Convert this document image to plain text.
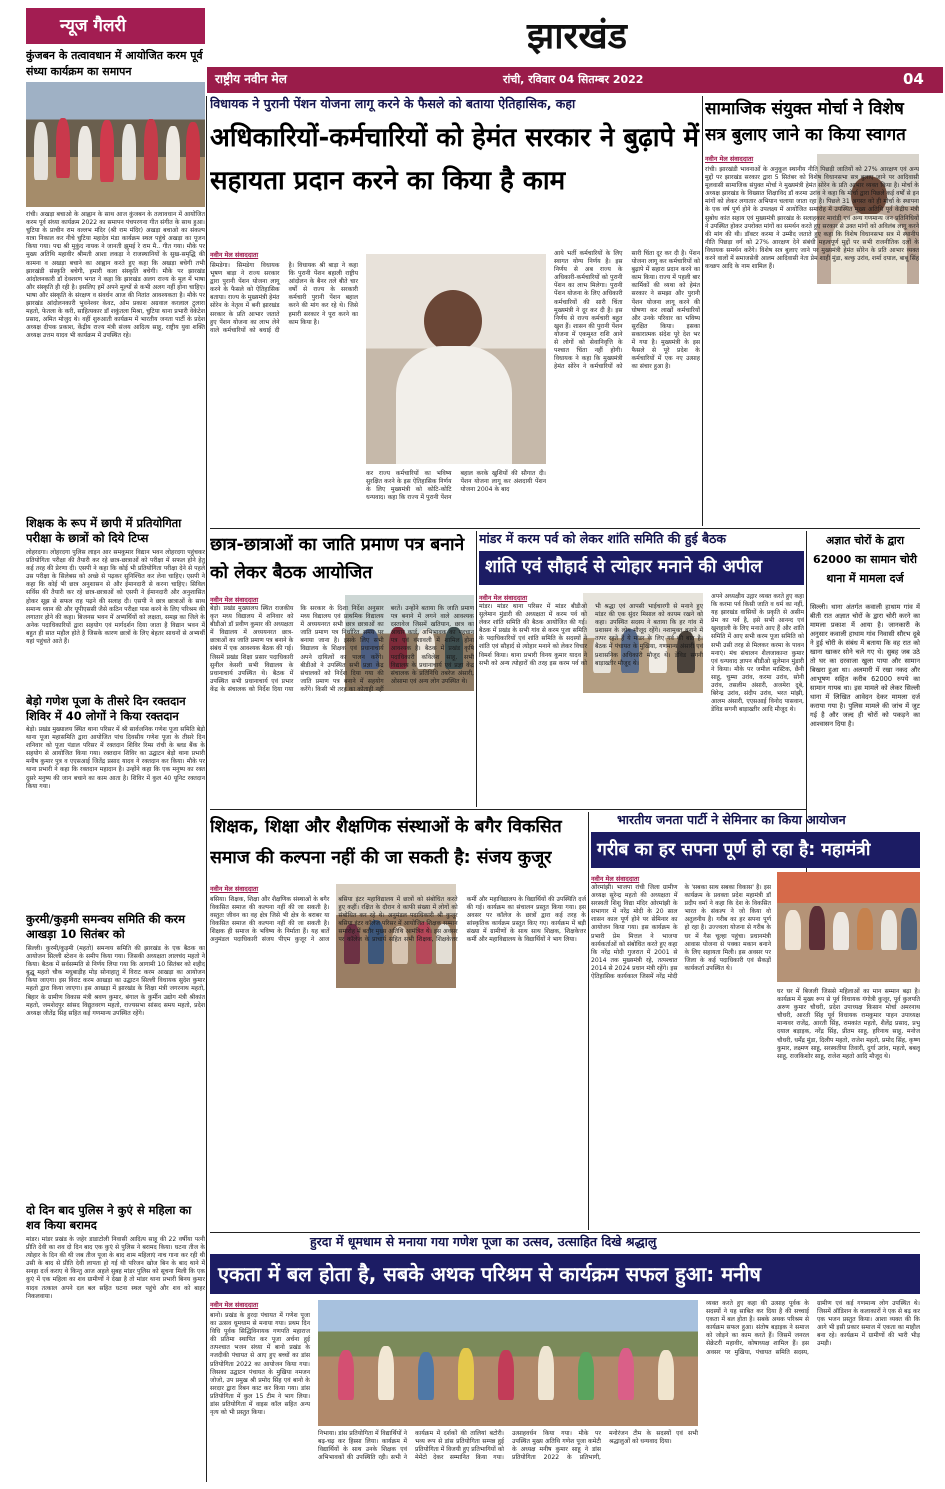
झारखंड
राष्ट्रीय नवीन मेल	रांची, रविवार 04 सितम्बर 2022	04
न्यूज गैलरी
कुंजबन के तत्वावधान में आयोजित करम पूर्व संध्या कार्यक्रम का समापन
रांची। अखड़ा बचाओ के आह्वान के साथ आज कुंजबन के तत्वावधान में आयोजित करम पूर्व संध्या कार्यक्रम 2022 का समापन पंचपरगना गीत संगीत के साथ हुआ। चुटिया के प्राचीन राम वल्लभ मंदिर (श्री राम मंदिर) अखड़ा बचाओ का संकल्प यात्रा निकाल कर नीचे चुटिया महादेव मंडा कार्यक्रम स्थल पहुंचे अखड़ा का पूजन किया गया। पद्म श्री मुकुंद नायक ने जानती झुमई रे राम मै.. गीत गया। मौके पर मुख्य अतिथि महावीर श्रीमती आशा लकड़ा ने राजस्थानियों के सुख-समृद्धि की कामना व अखड़ा बचाने का आह्वान करते हुए कहा कि अखड़ा बचेगी तभी झारखंडी संस्कृति बचेगी, हमारी कला संस्कृति बचेगी। मौके पर झारखंड आंदोलनकारी डॉ देवशरण भगत ने कहा कि झारखंड अलग राज्य के मूल में भाषा और संस्कृति ही रही है। इसलिए हमें अपने मूल्यों से कभी अलग नहीं होना चाहिए। भाषा और संस्कृति के संरक्षण व संवर्धन आज की नितांत आवश्यकता है। मौके पर झारखंड आंदोलनकारी भुवनेश्वर केवट, ओम प्रकाश अग्रवाल करलाल टुलारा महतो, फेतला के करी, साहित्यकार डॉ शकुंतला मिश्रा, चुटिया थाना प्रभारी वेकेटेश प्रसाद, अमित मोजुद थे। वहीं शुरुआती कार्यक्रम में भारतीय जनता पार्टी के प्रदेश अध्यक्ष दीपक प्रकाश, केंद्रीय राज्य मंत्री संजय आदित्य साहू, राष्ट्रीय युवा शक्ति अध्यक्ष उत्तम यादव भी कार्यक्रम में उपस्थित रहे।
शिक्षक के रूप में छापी में प्रतियोगिता परीक्षा के छात्रों को दिये टिप्स
लोहरदगा। लोहरदगा पुलिस लाइन आर समकुमार विद्यान भवन लोहरदगा पहुंचकर प्रतियोगिता परीक्षा की तैयारी कर रहे छात्र-छात्राओं को परीक्षा में सफल होने हेतु कई तरह की प्रेरणा दी। एसपी ने कहा कि कोई भी प्रतियोगिता परीक्षा देने से पहले उस परीक्षा के सिलेबस को अच्छे से पढ़कर सुनिश्चित कर लेना चाहिए। एसपी ने कहा कि कोई भी छात्र अनुशासन से और ईमानदारी से करना चाहिए। सिविल सर्विस की तैयारी कर रहे छात्र-छात्राओं को एसपी ने ईमानदारी और अनुशासित होकर सूझ से सफल राह पढ़ने की सलाह दी। एसपी ने छात्र छात्राओं के साथ समान्य ध्यान की और यूपीएससी जैसे कठिन परीक्षा पास करने के लिए परिश्रम की लगातार होने की कहा। बिजनस भवन में अभ्यर्थियों को लक्षता, समझ का जिले के अनेक पदाधिकारियों द्वारा सहयोग एवं मार्गदर्शन दिया जाता है विद्यान भवन में बहुत ही सात महौल होते है जिसके कारण छात्रों के लिए बेहतर साधनों से अभ्यर्थी यहां पहुंचते आते हैं।
बेड़ो गणेश पूजा के तीसरे दिन रक्तदान शिविर में 40 लोगों ने किया रक्तदान
बेड़ो। प्रखंड मुख्यालय स्थित थाना परिसर में श्री सार्वजनिक गणेश पूजा समिति बेड़ो थाना पूजा महासमिति द्वारा आयोजित पांच दिवसीय गणेश पूजा के तीसरे दिन शनिवार को पूजा पंडाल परिसर में रक्तदान शिविर रिम्स रांची के ब्लड बैंक के सहयोग से आयोजित किया गया। रक्तदान शिविर का उद्घाटन बेड़ो थाना प्रभारी मनीष कुमार पुत्र व एएसआई जितेंद्र प्रसाद यादव ने रक्तदान कर किया। मौके पर थाना प्रभारी ने कहा कि रक्तदान महादान है। उन्होंने कहा कि एक मनुष्य का रक्त दूसरे मनुष्य की जान बचाने का काम आता है। शिविर में कुल 40 यूनिट रक्तदान किया गया।
कुरमी/कुड़मी समन्वय समिति की करम आखड़ा 10 सितंबर को
सिल्ली। कुरमी/कुड़मी (महतो) समन्वय समिति की झारखंड के एक बैठक का आयोजन सिल्ली स्टेशन के समीप किया गया। जिसकी अध्यक्षता लालचंद महतो ने किया। बैठक में सर्वसम्मति से निर्णय लिया गया कि आगामी 10 सितंबर को शहीद बुद्धू महतो चौक मधुबाड़ीह मोड़ सोनाहातु में विराट करम आखड़ा का आयोजन किया जाएगा। इस विराट करम आखड़ा का उद्घाटन सिल्ली विधायक सुदेश कुमार महतो द्वारा किया जाएगा। इस आखड़ा में झारखंड के शिक्षा मंत्री जगरनाथ महतो, बिहार के ग्रामीण विकास मंत्री श्रवण कुमार, बंगाल के कुर्मीन उद्योग मंत्री श्रीकांत महतो, जमशेदपुर सांसद विद्युतवरण महतो, राज्यसभा सांसद समय महतो, प्रदेश अध्यक्ष जीतेंद्र सिंह सहित कई गणमान्य उपस्थित रहेंगे।
दो दिन बाद पुलिस ने कुएं से महिला का शव किया बरामद
मांडर। मांडर प्रखंड के जहेर डाडाटोली निवासी आदित्य साहू की 22 वर्षीया पत्नी प्रीति देवी का शव दो दिन बाद एक कुएं से पुलिस ने बरामद किया। घटना तीज के त्योहार के दिन की थी जब तीज पूजा के बाद शाम महिलाएं नाच गाना कर रही थी उसी के बाद से प्रीति देवी लापता हो गई थी परिजन खोज बिन के बाद थाने में सनहा दर्ज कराए थे किन्तु आज अहले सुबह मांडर पुलिस को सूचना मिली कि एक कुएं में एक महिला का शव ग्रामीणों ने देखा है तो मांडर थाना प्रभारी बिनय कुमार यादव तत्काल अपने दल बल सहित घटना स्थल पहुंचे और शव को बाहर निकलवाया।
विधायक ने पुरानी पेंशन योजना लागू करने के फैसले को बताया ऐतिहासिक, कहा
अधिकारियों-कर्मचारियों को हेमंत सरकार ने बुढ़ापे में सहायता प्रदान करने का किया है काम
नवीन मेल संवाददाता
सिमडेगा। सिमडेगा विधायक भूषण बाड़ा ने राज्य सरकार द्वारा पुरानी पेंशन योजना लागू करने के फैसले को ऐतिहासिक बताया। राज्य के मुख्यमंत्री हेमंत सोरेन के नेतृत्व में बनी झारखंड सरकार के प्रति आभार जताते हुए पेंशन योजना का लाभ लेने वाले कर्मचारियों को बधाई दी है। विधायक श्री बाड़ा ने कहा कि पुरानी पेंशन बहाली राष्ट्रीय आंदोलन के बैनर तले बीते चार वर्षों से राज्य के सरकारी कर्मचारी पुरानी पेंशन बहाल करने की मांग कर रहे थे। जिसे हमारी सरकार ने पूरा करने का काम किया है।
कर राज्य कर्मचारियों का भविष्य सुरक्षित करने के इस ऐतिहासिक निर्णय के लिए मुख्यमंत्री को कोटि-कोटि धन्यवाद। कहा कि राज्य में पुरानी पेंशन बहाल करके खुशियों की सौगात दी। पेंशन योजना लागू कर अंशदायी पेंशन योजना 2004 के बाद
आये भर्ती कर्मचारियों के लिए स्वागत योग्य निर्णय है। इस निर्णय से अब राज्य के अधिकारी-कर्मचारियों को पुरानी पेंशन का लाभ मिलेगा। पुरानी पेंशन योजना के लिए अधिकारी कर्मचारियों की सारी चिंता मुख्यमंत्री ने दूर कर दी है। इस निर्णय से राज्य कर्मचारी बहुत खुश हैं। शासन की पुरानी पेंशन योजना में एकमुश्त राशि आने से लोगों को सेवानिवृत्ति के पश्चात चिंता नहीं होगी। विधायक ने कहा कि मुख्यमंत्री हेमंत सोरेन ने कर्मचारियों को सारी चिंता दूर कर दी है। पेंशन योजना लागू कर कर्मचारियों को बुढ़ापे में सहारा प्रदान करने का काम किया। राज्य में पहली बार कार्मिकों की व्यथा को हेमंत सरकार ने समझा और पुरानी पेंशन योजना लागू करने की घोषणा कर लाखों कर्मचारियों और उनके परिवार का भविष्य सुरक्षित किया। इसका सकारात्मक संदेश पूरे देश भर में गया है। मुख्यमंत्री के इस फैसले से पूरे प्रदेश के कर्मचारियों में एक नए उत्साह का संचार हुआ है।
सामाजिक संयुक्त मोर्चा ने विशेष सत्र बुलाए जाने का किया स्वागत
नवीन मेल संवाददाता
रांची। झारखंडी भावनाओं के अनुकूल स्थानीय नीति पिछड़ी जातियों को 27% आरक्षण एवं अन्य मुद्दों पर झारखंड सरकार द्वारा 5 सितंबर को विशेष विधानसभा सत्र बुलाए जाने पर आदिवासी मूलवासी सामाजिक संयुक्त मोर्चा ने मुख्यमंत्री हेमंत सोरेन के प्रति आभार व्यक्त किया है। मोर्चा के अध्यक्ष झारखंड के विख्यात शिक्षाविद डॉ करमा उरांव ने कहा कि मोर्चा द्वारा पिछले कई वर्षों से इन मांगों को लेकर लगातार अभियान चलाया जाता रहा है। पिछले 31 अगस्त को ही मोर्चा के स्थापना के एक वर्ष पूर्ण होने के उपलक्ष्य में आयोजित समारोह में उपस्थित मुख्य अतिथि पूर्व केंद्रीय मंत्री सुबोध कांत सहाय एवं मुख्यमंत्री झारखंड के सलाहकार मारांडी एवं अन्य गणमान्य जन प्रतिनिधियों ने उपस्थित होकर उपरोक्त मांगों का समर्थन करते हुए सरकार से उक्त मांगों को अविलंब लागू करने की मांग की थी। डॉक्टर करमा ने उम्मीद जताते हुए कहा कि विशेष विधानसभा सत्र में स्थानीय नीति पिछड़ा वर्ग को 27% आरक्षण देने संबंधी महत्वपूर्ण मुद्दों पर सभी राजनीतिक दलों के विधायक समर्थन करेंगे। विशेष सत्र बुलाए जाने पर मुख्यमंत्री हेमंत सोरेन के प्रति आभार व्यक्त करने वालों में समाजसेवी आलम आदिवासी नेता प्रेम शाही मुंडा, बल्कु उरांव, शर्मा दयाल, बाबू सिंह कच्छप आदि के नाम शामिल हैं।
छात्र-छात्राओं का जाति प्रमाण पत्र बनाने को लेकर बैठक आयोजित
नवीन मेल संवाददाता
बेड़ो। प्रखंड मुख्यालय स्थित राजकीय कृत मध्य विद्यालय में शनिवार को बीडीओ डॉ प्रवीण कुमार की अध्यक्षता में विद्यालय में अध्ययनरत छात्र-छात्राओं का जाति प्रमाण पत्र बनाने के संबंध में एक आवश्यक बैठक की गई। जिसमें प्रखंड शिक्षा प्रसार पदाधिकारी सुनील केसरी सभी विद्यालय के प्रधानाचार्य उपस्थित थे। बैठक में उपस्थित सभी प्रधानाचार्य एवं प्रभार केंद्र के संचालक को निर्देश दिया गया कि सरकार के दिशा निर्देश अनुसार मध्य विद्यालय एवं प्राथमिक विद्यालय में अध्ययनरत सभी छात्र छात्राओं का जाति प्रमाण पत्र निर्धारित समय पर बनाया जाना है। इसके लिए सभी विद्यालय के शिक्षक एवं प्रधानाचार्य अपने दायित्वों का पालन करेंगे। बीडीओ ने उपस्थित सभी प्रज्ञा केंद्र संचालकों को निर्देश दिया गया की जाति प्रमाण पत्र बनाने में सहयोग करेंगे। किसी भी तरह का कोताही नहीं बरतें। उन्होंने बताया कि जाति प्रमाण पत्र बनाने में लगने वाले आवश्यक दस्तावेज जिसमें खतियान, छात्र का आधार कार्ड, अभिभावक का पहचान पत्र एवं वंशावली में शामिल होना आवश्यक है। बैठक में प्रखंड कृषि पदाधिकारी कविलेश साहू, सभी विद्यालय के प्रधानाचार्य एवं प्रज्ञा केंद्र संचालक के प्रतिनिधि तबरेज अंसारी, ओसामा एवं अन्य लोग उपस्थित थे।
मांडर में करम पर्व को लेकर शांति समिति की हुई बैठक
शांति एवं सौहार्द से त्योहार मनाने की अपील
नवीन मेल संवाददाता
मांडर। मांडर थाना परिसर में मांडर बीडीओ सुलेमान मुंडारी की अध्यक्षता में करम पर्व को लेकर शांति समिति की बैठक आयोजित की गई। बैठक में प्रखंड के सभी गांव से करम पूजा समिति के पदाधिकारियों एवं शांति समिति के सदस्यों ने शांति एवं सौहार्द से त्योहार मनाने को लेकर विचार विमर्श किया। थाना प्रभारी विनय कुमार यादव ने सभी को अन्य त्योहारों की तरह इस करम पर्व को भी श्रद्धा एवं आपसी भाईचारगी से मनाने हुए मांडर की एक सुंदर मिसाल को कायम रखने को कहा। उपस्थित सदस्य ने बताया कि हर गांव में प्रशासन के लोग मौजूद रहेंगे। नशामुक्त बनाने में तत्पर रहते हैं ये मांडर के लिए गर्व की बात है। बैठक में पंचायत के मुखिया, गणमान्य अंसारी एवं प्रशासनिक अधिकारी मौजूद थे। डेविड सगनी बाड़ाख्तीर मौजूद थे।
अपने अध्यक्षीय उद्गार व्यक्त करते हुए कहा कि करमा पर्व किसी जाति व धर्म का नहीं, यह झारखंड वासियों के प्रकृति से असीम प्रेम का पर्व है, इसे सभी आनन्द एवं खुशहाली के लिए मनाते आए हैं और शांति समिति में आए सभी करम पूजा समिति को सभी उसी तरह से मिलकर करमा के पावन मनाएं। मंच संचालन शैलजाकान्त कुमार एवं धन्यवाद ज्ञापन बीडीओ सुलेमान मुंडारी ने किया। मौके पर जमील मास्टिक, छैनी साहू, चुम्मा उरांव, करमा उरांव, सोनी उरांव, तसलीम अंसारी, अजमेरा दूबे, बिरेन्द्र उरांव, संदीप उरांव, भरत मांझी, आलम अंसारी, एएसआई विनोद पासवान, डेविड सगनी बाड़ाख्तीर आदि मौजूद थे।
अज्ञात चोरों के द्वारा 62000 का सामान चोरी थाना में मामला दर्ज
सिल्ली। थाना अंतर्गत कवाली हाथाम गांव में बीती रात अज्ञात चोरों के द्वारा चोरी करने का मामला प्रकाश में आया है। जानकारी के अनुसार कवाली हाथाम गांव निवासी सौरभ दूबे ने हुई चोरी के संबंध में बताया कि वह रात को खाना खाकर सोने चले गए थे। सुबह जब उठे तो घर का दरवाजा खुला पाया और सामान बिखरा हुआ था। अलमारी में रखा नकद और आभूषण सहित करीब 62000 रुपये का सामान गायब था। इस मामले को लेकर सिल्ली थाना में लिखित आवेदन देकर मामला दर्ज कराया गया है। पुलिस मामले की जांच में जुट गई है और जल्द ही चोरों को पकड़ने का आश्वासन दिया है।
शिक्षक, शिक्षा और शैक्षणिक संस्थाओं के बगैर विकसित समाज की कल्पना नहीं की जा सकती है: संजय कुजूर
नवीन मेल संवाददाता
बसिया। शिक्षक, शिक्षा और शैक्षणिक संस्थाओं के बगैर विकसित समाज की कल्पना नहीं की जा सकती है। वस्तुतः जीवन का वह क्षेत्र जिसे भी क्षेत्र के बराबर या विकसित समाज की कल्पना नहीं की जा सकती है। शिक्षक ही समाज के भविष्य के निर्माता हैं। यह बातें अनुमंडल पदाधिकारी संजय पीएम कुजूर ने आज बसिया इंटर महाविद्यालय में छात्रों को संबोधित करते हुए कहीं। रक्षित के दौरान वे काफी संख्या में लोगों को संबोधित कर रहे थे। अनुमंडल पदाधिकारी श्री कुजूर बसिया इंटर कॉलेज परिसर में आयोजित शिक्षक सम्मान समारोह में बतौर मुख्य अतिथि आमंत्रित थे। इस अवसर पर कॉलेज के प्राचार्य सहित सभी शिक्षक, शिक्षकेत्तर कर्मी और महाविद्यालय के विद्यार्थियों की उपस्थिति दर्ज की गई। कार्यक्रम का संचालन प्रस्तुत किया गया। इस अवसर पर कॉलेज के छात्रों द्वारा कई तरह के सांस्कृतिक कार्यक्रम प्रस्तुत किए गए। कार्यक्रम में बड़ी संख्या में ग्रामीणों के साथ साथ शिक्षक, शिक्षकेत्तर कर्मी और महाविद्यालय के विद्यार्थियों ने भाग लिया।
भारतीय जनता पार्टी ने सेमिनार का किया आयोजन
गरीब का हर सपना पूर्ण हो रहा है: महामंत्री
नवीन मेल संवाददाता
ओरमांझी। भाजपा रांची जिला ग्रामीण अध्यक्ष सुरेन्द्र महतो की अध्यक्षता में सरस्वती शिशु विद्या मंदिर ओरमांझी के सभागार में नरेंद्र मोदी के 20 साल शासन काल पूर्ण होने पर सेमिनार का आयोजन किया गया। इस कार्यक्रम के प्रभारी प्रेम मित्तल ने भाजपा कार्यकर्ताओं को संबोधित करते हुए कहा कि नरेंद्र मोदी गुजरात में 2001 से 2014 तक मुख्यमंत्री रहे, तत्पश्चात 2014 से 2024 प्रधान मंत्री रहेंगे। इस ऐतिहासिक कार्यकाल जिसमें नरेंद्र मोदी के 'सबका साथ सबका विकास' है। इस कार्यक्रम के प्रवक्ता प्रदेश महामंत्री डॉ प्रदीप वर्मा ने कहा कि देश के विकसित भारत के संकल्प ने जो किया वो अतुलनीय है। गरीब का हर सपना पूर्ण हो रहा है। उज्ज्वला योजना से गरीब के घर में गैस चूल्हा पहुंचा। प्रधानमंत्री आवास योजना से पक्का मकान बनाने के लिए सहायता मिली। इस अवसर पर जिला के कई पदाधिकारी एवं सैकड़ों कार्यकर्ता उपस्थित थे।
घर घर में बिजली जिससे महिलाओं का मान सम्मान बढ़ा है। कार्यक्रम में मुख्य रूप से पूर्व विधायक गंगोत्री कुजूर, पूर्व कुलपति अरुण कुमार चौधरी, प्रदेश उपाध्यक्ष किसान मोर्चा अमरनाथ चौधरी, आरती सिंह पूर्व विधायक रामकुमार पाहन उपाध्यक्ष मान्यवर राजेंद्र, आरती सिंह, रामकांत महतो, शैलेंद्र प्रसाद, प्रभु दयाल बड़ाइक, नरेंद्र सिंह, प्रीतम साहू, हरिनाथ साहू, मनोज चौधरी, धर्मेंद्र मुंडा, दिलीप महतो, राजेश महतो, प्रमोद सिंह, कृष्ण कुमार, लक्ष्मण साहू, सरस्वतीया तिवारी, दुर्गा उरांव, महतो, बबलू साहू, राजकिशोर साहू, राजेश महतो आदि मौजूद थे।
हुरदा में धूमधाम से मनाया गया गणेश पूजा का उत्सव, उत्साहित दिखे श्रद्धालु
एकता में बल होता है, सबके अथक परिश्रम से कार्यक्रम सफल हुआ: मनीष
नवीन मेल संवाददाता
बानो। प्रखंड के हुरदा पंचायत में गणेश पूजा का उत्सव धूमधाम से मनाया गया। प्रथम दिन विधि पूर्वक सिद्धिविनायक गणपति महाराज की प्रतिमा स्थापित कर पूजा अर्चना हुई तत्पश्चात भजन संध्या में बानो प्रखंड के नजदीकी पंचायत से आए हुए बच्चों का डांस प्रतियोगिता 2022 का आयोजन किया गया। जिसका उद्घाटन पंचायत के मुखिया नमजन जोजो, उप प्रमुख श्री प्रमोद सिंह एवं बानो के सरदार द्वारा रिबन काट कर किया गया। डांस प्रतियोगिता में कुल 15 टीम ने भाग लिया। डांस प्रतियोगिता में वाइस कॉल सहित अन्य नृत्य को भी प्रस्तुत किया।
निभाया। डांस प्रतियोगिता में विद्यार्थियों ने बढ़-चढ़ कर हिस्सा लिया। कार्यक्रम में विद्यार्थियों के साथ उनके शिक्षक एवं अभिभावकों की उपस्थिति रही। सभी ने कार्यक्रम में दर्शकों की तालियां बटोरी। भव्य रूप से डांस प्रतियोगिता सम्पन्न हुई प्रतियोगिता में विजयी हुए प्रतिभागियों को मेमेंटो देकर सम्मानित किया गया। उत्साहवर्धन किया गया। मौके पर उपस्थित मुख्य अतिथि गणेश पूजा कमेटी के अध्यक्ष मनीष कुमार साहू ने डांस प्रतियोगिता 2022 के प्रतिभागी, मनोरंजन टीम के सदस्यों एवं सभी श्रद्धालुओं को धन्यवाद दिया।
व्यक्त करते हुए कहा की उत्साह पूर्वक के सदस्यों ने यह साबित कर दिया है की सच्चाई एकता में बल होता है। सबके अथक परिश्रम से कार्यक्रम सफल हुआ। संतोष बड़ाइक ने समाज को जोड़ने का काम करते हैं। जिसमें जनरल सेक्रेटरी महावीर, कोषाध्यक्ष शामिल हैं। इस अवसर पर मुखिया, पंचायत समिति सदस्य, ग्रामीण एवं कई गणमान्य लोग उपस्थित थे। जिसमें ऑडिशन के कलाकारों ने एक से बढ़ कर एक भजन प्रस्तुत किया। आशा व्यक्त की कि आगे भी इसी प्रकार समाज में एकता का माहौल बना रहे। कार्यक्रम में ग्रामीणों की भारी भीड़ उमड़ी।
